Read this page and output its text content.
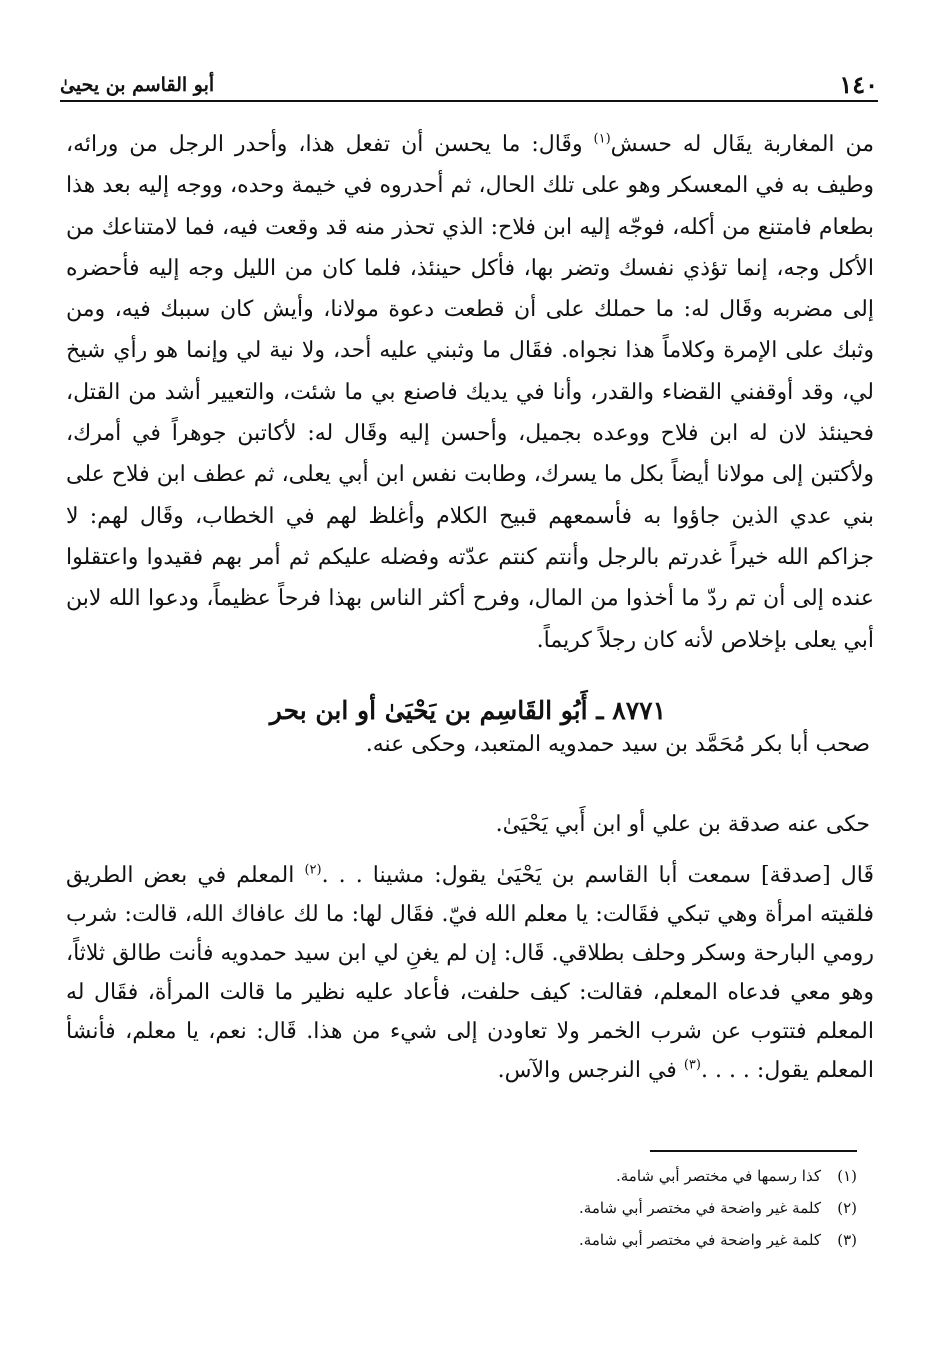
١٤٠
أبو القاسم بن يحيىٰ

من المغاربة يقَال له حسش$^{(١)}$ وقَال: ما يحسن أن تفعل هذا، وأحدر الرجل من ورائه، وطيف به في المعسكر وهو على تلك الحال، ثم أحدروه في خيمة وحده، ووجه إليه بعد هذا بطعام فامتنع من أكله، فوجّه إليه ابن فلاح: الذي تحذر منه قد وقعت فيه، فما لامتناعك من الأكل وجه، إنما تؤذي نفسك وتضر بها، فأكل حينئذ، فلما كان من الليل وجه إليه فأحضره إلى مضربه وقَال له: ما حملك على أن قطعت دعوة مولانا، وأيش كان سببك فيه، ومن وثبك على الإمرة وكلاماً هذا نجواه. فقَال ما وثبني عليه أحد، ولا نية لي وإنما هو رأي شيخ لي، وقد أوقفني القضاء والقدر، وأنا في يديك فاصنع بي ما شئت، والتعيير أشد من القتل، فحينئذ لان له ابن فلاح ووعده بجميل، وأحسن إليه وقَال له: لأكاتبن جوهراً في أمرك، ولأكتبن إلى مولانا أيضاً بكل ما يسرك، وطابت نفس ابن أبي يعلى، ثم عطف ابن فلاح على بني عدي الذين جاؤوا به فأسمعهم قبيح الكلام وأغلظ لهم في الخطاب، وقَال لهم: لا جزاكم الله خيراً غدرتم بالرجل وأنتم كنتم عدّته وفضله عليكم ثم أمر بهم فقيدوا واعتقلوا عنده إلى أن تم ردّ ما أخذوا من المال، وفرح أكثر الناس بهذا فرحاً عظيماً، ودعوا الله لابن أبي يعلى بإخلاص لأنه كان رجلاً كريماً.

٨٧٧١ ـ أَبُو القَاسِم بن يَحْيَىٰ أو ابن بحر
صحب أبا بكر مُحَمَّد بن سيد حمدويه المتعبد، وحكى عنه.
حكى عنه صدقة بن علي أو ابن أَبي يَحْيَىٰ.

قَال [صدقة] سمعت أبا القاسم بن يَحْيَىٰ يقول: مشينا . . .$^{(٢)}$ المعلم في بعض الطريق فلقيته امرأة وهي تبكي فقَالت: يا معلم الله فيّ. فقَال لها: ما لك عافاك الله، قالت: شرب رومي البارحة وسكر وحلف بطلاقي. قَال: إن لم يغنِ لي ابن سيد حمدويه فأنت طالق ثلاثاً، وهو معي فدعاه المعلم، فقالت: كيف حلفت، فأعاد عليه نظير ما قالت المرأة، فقَال له المعلم فتتوب عن شرب الخمر ولا تعاودن إلى شيء من هذا. قَال: نعم، يا معلم، فأنشأ المعلم يقول: . . . .$^{(٣)}$ في النرجس والآس.

(١)كذا رسمها في مختصر أبي شامة.
(٢)كلمة غير واضحة في مختصر أبي شامة.
(٣)كلمة غير واضحة في مختصر أبي شامة.
